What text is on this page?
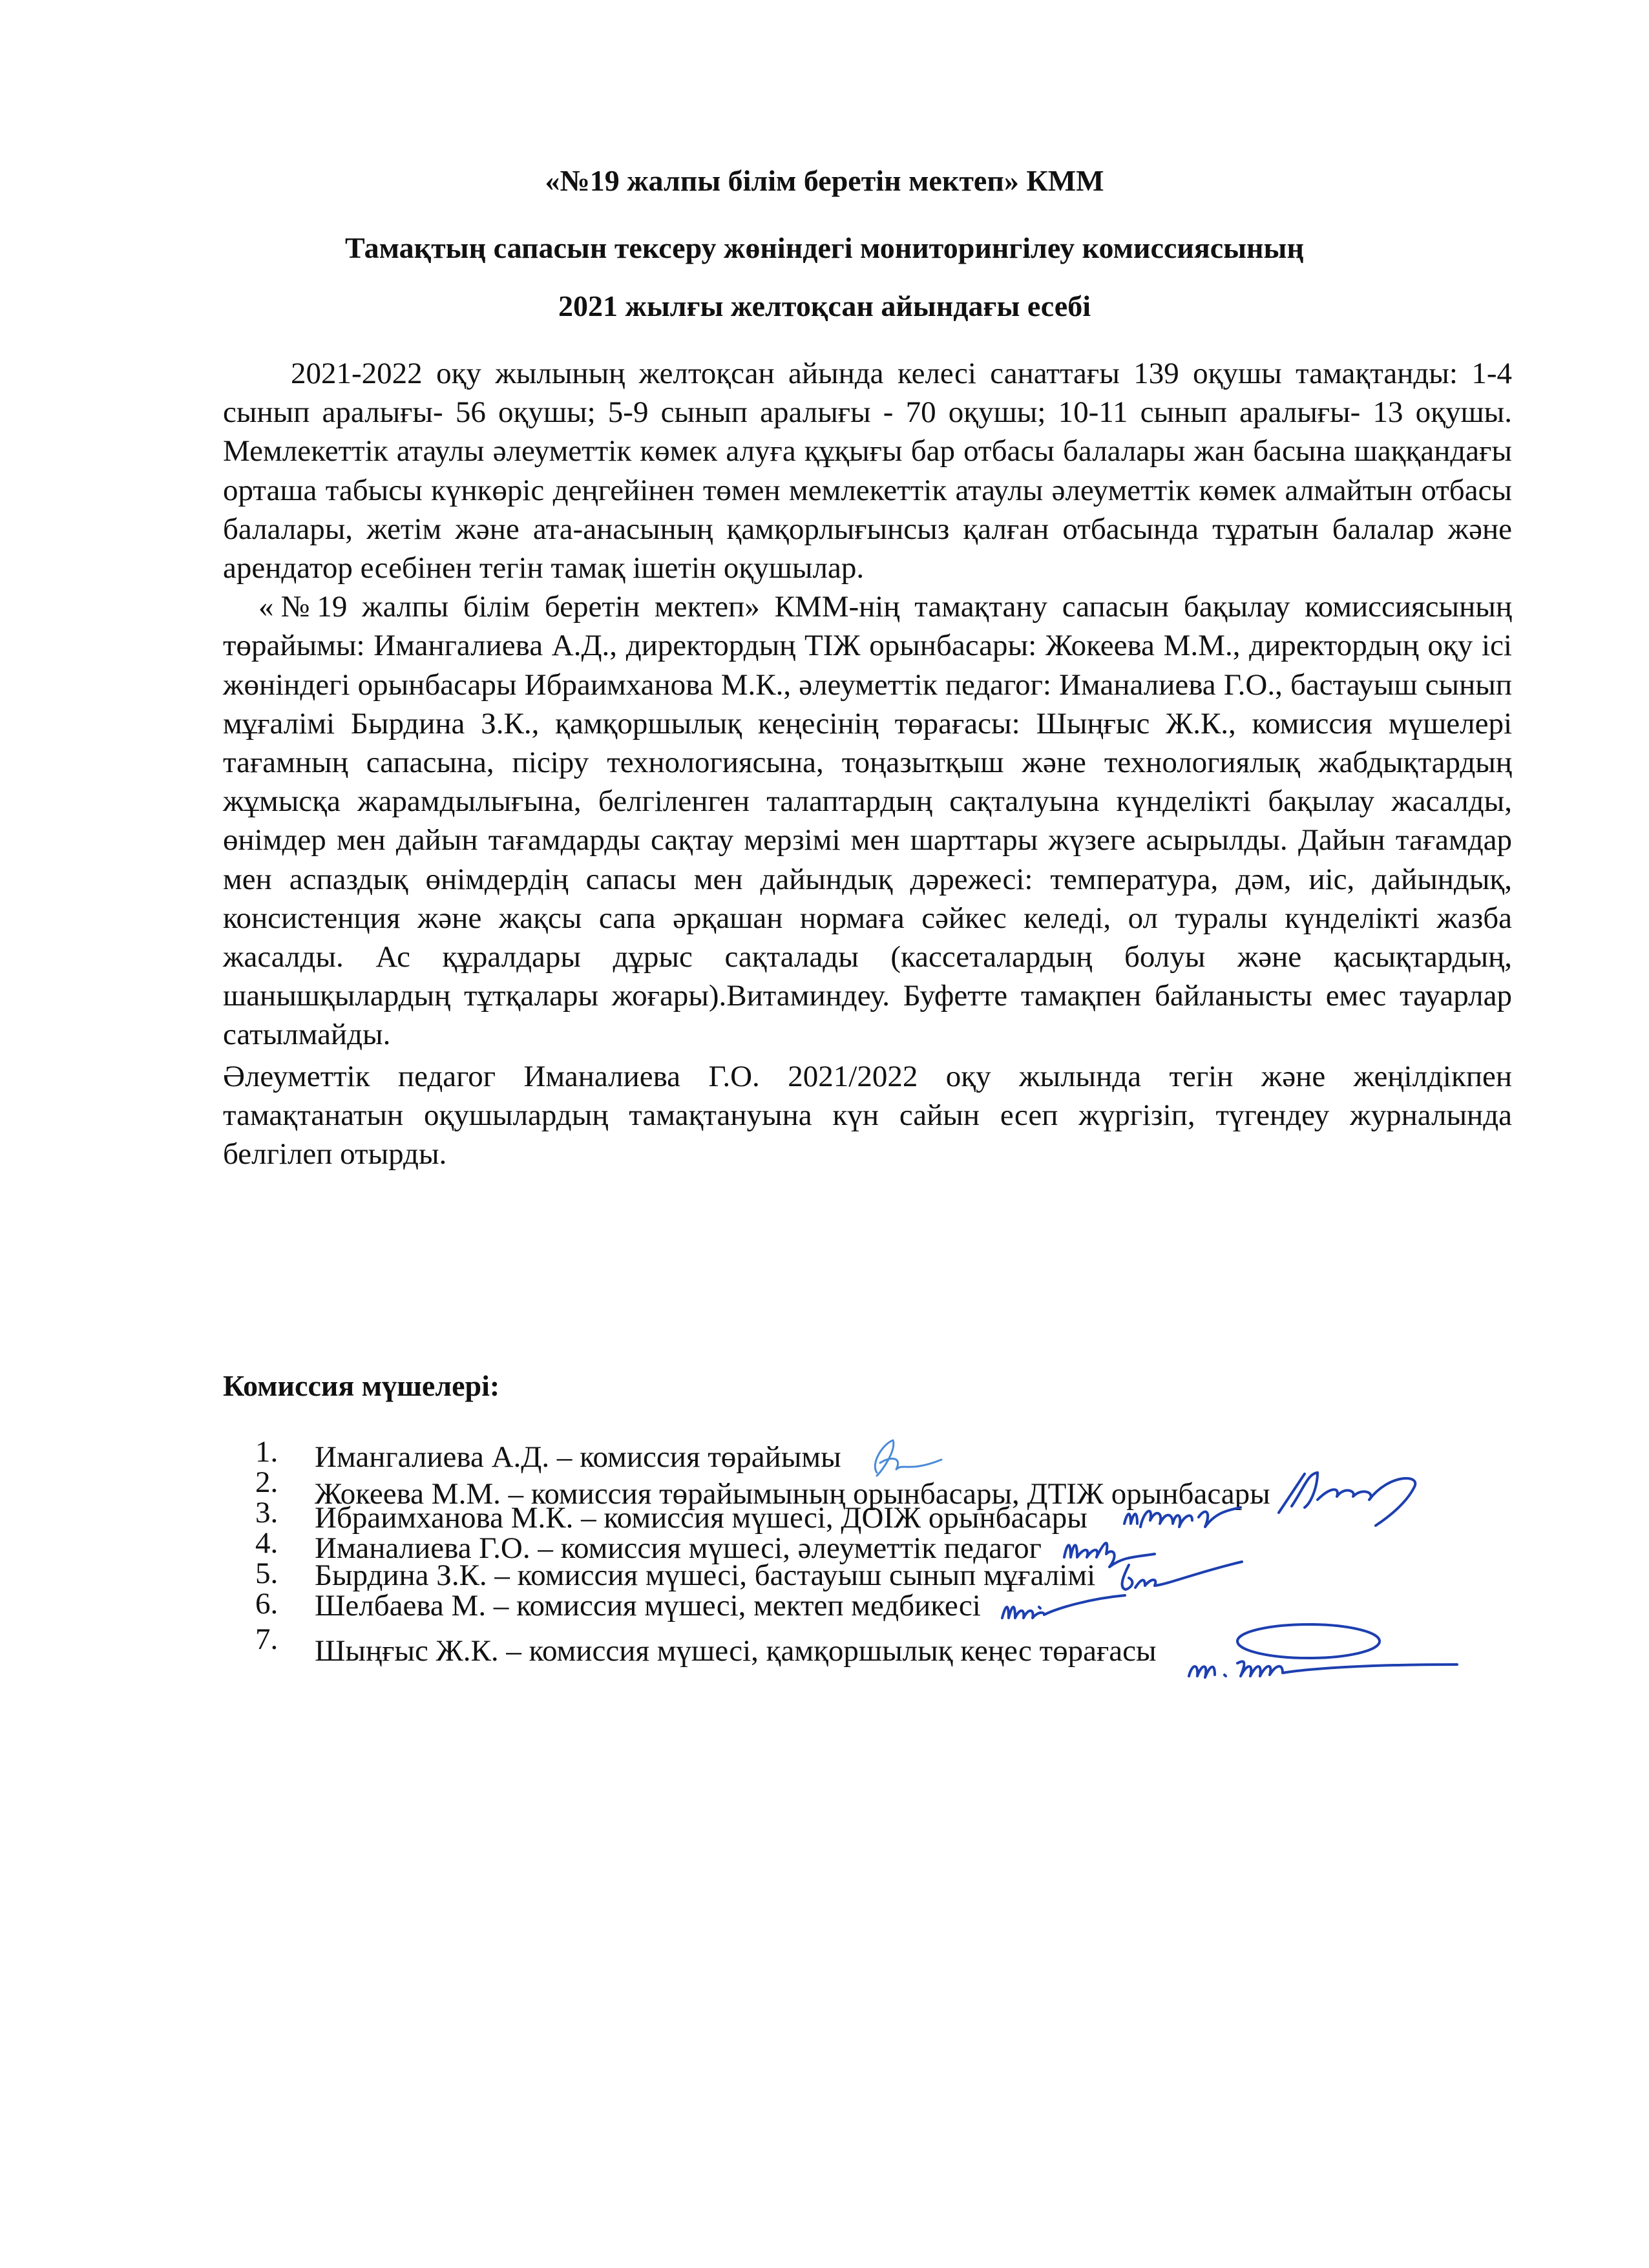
«№19 жалпы білім беретін мектеп» КММ
Тамақтың сапасын тексеру жөніндегі мониторингілеу комиссиясының
2021 жылғы желтоқсан айындағы есебі

2021-2022 оқу жылының желтоқсан айында келесі санаттағы 139 оқушы тамақтанды: 1-4 сынып аралығы- 56 оқушы; 5-9 сынып аралығы - 70 оқушы; 10-11 сынып аралығы- 13 оқушы. Мемлекеттік атаулы әлеуметтік көмек алуға құқығы бар отбасы балалары жан басына шаққандағы орташа табысы күнкөріс деңгейінен төмен мемлекеттік атаулы әлеуметтік көмек алмайтын отбасы балалары, жетім және ата-анасының қамқорлығынсыз қалған отбасында тұратын балалар және арендатор есебінен тегін тамақ ішетін оқушылар.

«№19 жалпы білім беретін мектеп» КММ-нің тамақтану сапасын бақылау комиссиясының төрайымы: Имангалиева А.Д., директордың ТІЖ орынбасары: Жокеева М.М., директордың оқу ісі жөніндегі орынбасары Ибраимханова М.К., әлеуметтік педагог: Иманалиева Г.О., бастауыш сынып мұғалімі Бырдина З.К., қамқоршылық кеңесінің төрағасы: Шыңғыс Ж.К., комиссия мүшелері тағамның сапасына, пісіру технологиясына, тоңазытқыш және технологиялық жабдықтардың жұмысқа жарамдылығына, белгіленген талаптардың сақталуына күнделікті бақылау жасалды, өнімдер мен дайын тағамдарды сақтау мерзімі мен шарттары жүзеге асырылды. Дайын тағамдар мен аспаздық өнімдердің сапасы мен дайындық дәрежесі: температура, дәм, иіс, дайындық, консистенция және жақсы сапа әрқашан нормаға сәйкес келеді, ол туралы күнделікті жазба жасалды. Ас құралдары дұрыс сақталады (кассеталардың болуы және қасықтардың, шанышқылардың тұтқалары жоғары).Витаминдеу. Буфетте тамақпен байланысты емес тауарлар сатылмайды.

Әлеуметтік педагог Иманалиева Г.О. 2021/2022 оқу жылында тегін және жеңілдікпен тамақтанатын оқушылардың тамақтануына күн сайын есеп жүргізіп, түгендеу журналында белгілеп отырды.

Комиссия мүшелері:
1. Имангалиева А.Д. – комиссия төрайымы
2. Жокеева М.М. – комиссия төрайымының орынбасары, ДТІЖ орынбасары
3. Ибраимханова М.К. – комиссия мүшесі, ДОІЖ орынбасары
4. Иманалиева Г.О. – комиссия мүшесі, әлеуметтік педагог
5. Бырдина З.К. – комиссия мүшесі, бастауыш сынып мұғалімі
6. Шелбаева М. – комиссия мүшесі, мектеп медбикесі
7. Шыңғыс Ж.К. – комиссия мүшесі, қамқоршылық кеңес төрағасы
